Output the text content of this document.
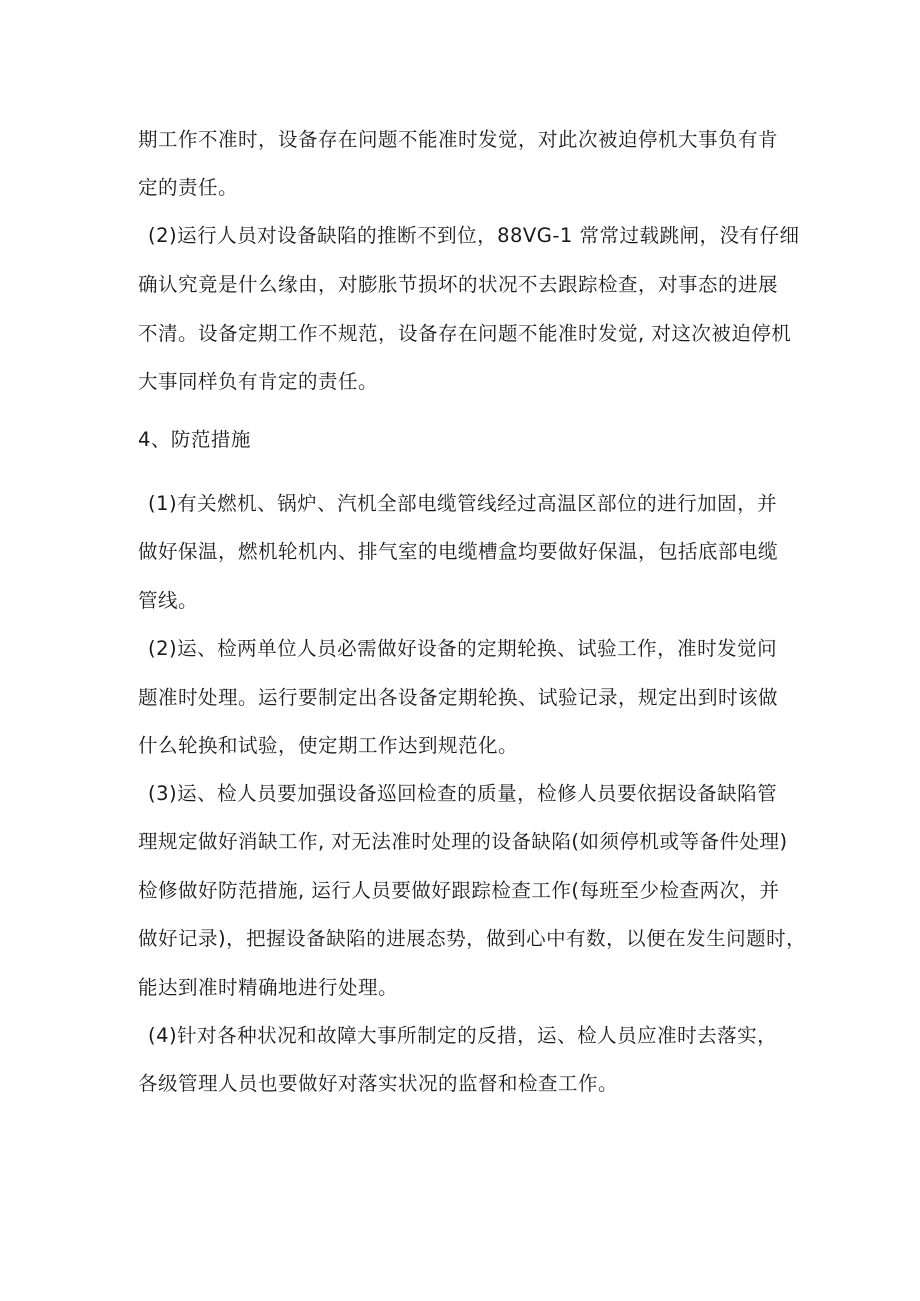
期工作不准时，设备存在问题不能准时发觉，对此次被迫停机大事负有肯
定的责任。
(2)运行人员对设备缺陷的推断不到位，88VG-1 常常过载跳闸，没有仔细
确认究竟是什么缘由，对膨胀节损坏的状况不去跟踪检查，对事态的进展
不清。设备定期工作不规范，设备存在问题不能准时发觉, 对这次被迫停机
大事同样负有肯定的责任。
4、防范措施
(1)有关燃机、锅炉、汽机全部电缆管线经过高温区部位的进行加固，并
做好保温，燃机轮机内、排气室的电缆槽盒均要做好保温，包括底部电缆
管线。
(2)运、检两单位人员必需做好设备的定期轮换、试验工作，准时发觉问
题准时处理。运行要制定出各设备定期轮换、试验记录，规定出到时该做
什么轮换和试验，使定期工作达到规范化。
(3)运、检人员要加强设备巡回检查的质量，检修人员要依据设备缺陷管
理规定做好消缺工作, 对无法准时处理的设备缺陷(如须停机或等备件处理)
检修做好防范措施, 运行人员要做好跟踪检查工作(每班至少检查两次，并
做好记录)，把握设备缺陷的进展态势，做到心中有数，以便在发生问题时，
能达到准时精确地进行处理。
(4)针对各种状况和故障大事所制定的反措，运、检人员应准时去落实，
各级管理人员也要做好对落实状况的监督和检查工作。
